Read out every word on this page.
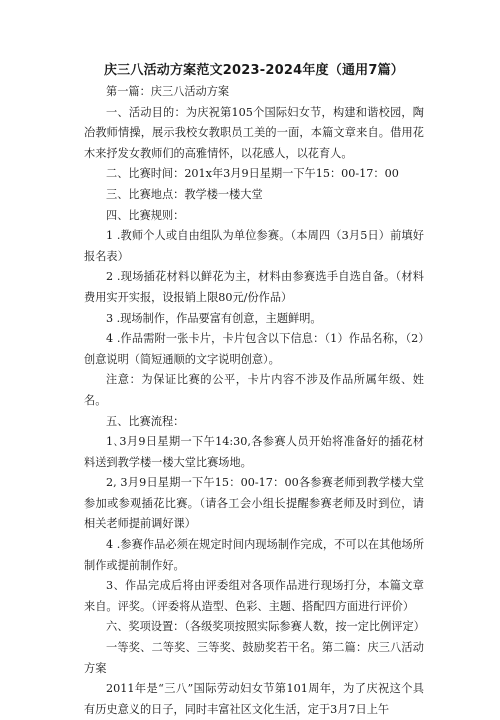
庆三八活动方案范文2023-2024年度（通用7篇）

第一篇：庆三八活动方案

一、活动目的：为庆祝第105个国际妇女节，构建和谐校园，陶冶教师情操，展示我校女教职员工美的一面，本篇文章来自。借用花木来抒发女教师们的高雅情怀，以花感人，以花育人。

二、比赛时间：201x年3月9日星期一下午15：00-17：00

三、比赛地点：教学楼一楼大堂

四、比赛规则：

1 .教师个人或自由组队为单位参赛。（本周四（3月5日）前填好报名表）

2 .现场插花材料以鲜花为主，材料由参赛选手自选自备。（材料费用实开实报，设报销上限80元/份作品）

3 .现场制作，作品要富有创意，主题鲜明。

4 .作品需附一张卡片，卡片包含以下信息：（1）作品名称，（2）创意说明（简短通顺的文字说明创意）。

注意：为保证比赛的公平，卡片内容不涉及作品所属年级、姓名。

五、比赛流程：

1､3月9日星期一下午14:30,各参赛人员开始将准备好的插花材料送到教学楼一楼大堂比赛场地。

2, 3月9日星期一下午15：00-17：00各参赛老师到教学楼大堂参加或参观插花比赛。（请各工会小组长提醒参赛老师及时到位，请相关老师提前调好课）

4 .参赛作品必须在规定时间内现场制作完成，不可以在其他场所制作或提前制作好。

3、作品完成后将由评委组对各项作品进行现场打分，本篇文章来自。评奖。（评委将从造型、色彩、主题、搭配四方面进行评价）

六、奖项设置：（各级奖项按照实际参赛人数，按一定比例评定）

一等奖、二等奖、三等奖、鼓励奖若干名。第二篇：庆三八活动方案

2011年是“三八”国际劳动妇女节第101周年，为了庆祝这个具有历史意义的日子，同时丰富社区文化生活，定于3月7日上午
